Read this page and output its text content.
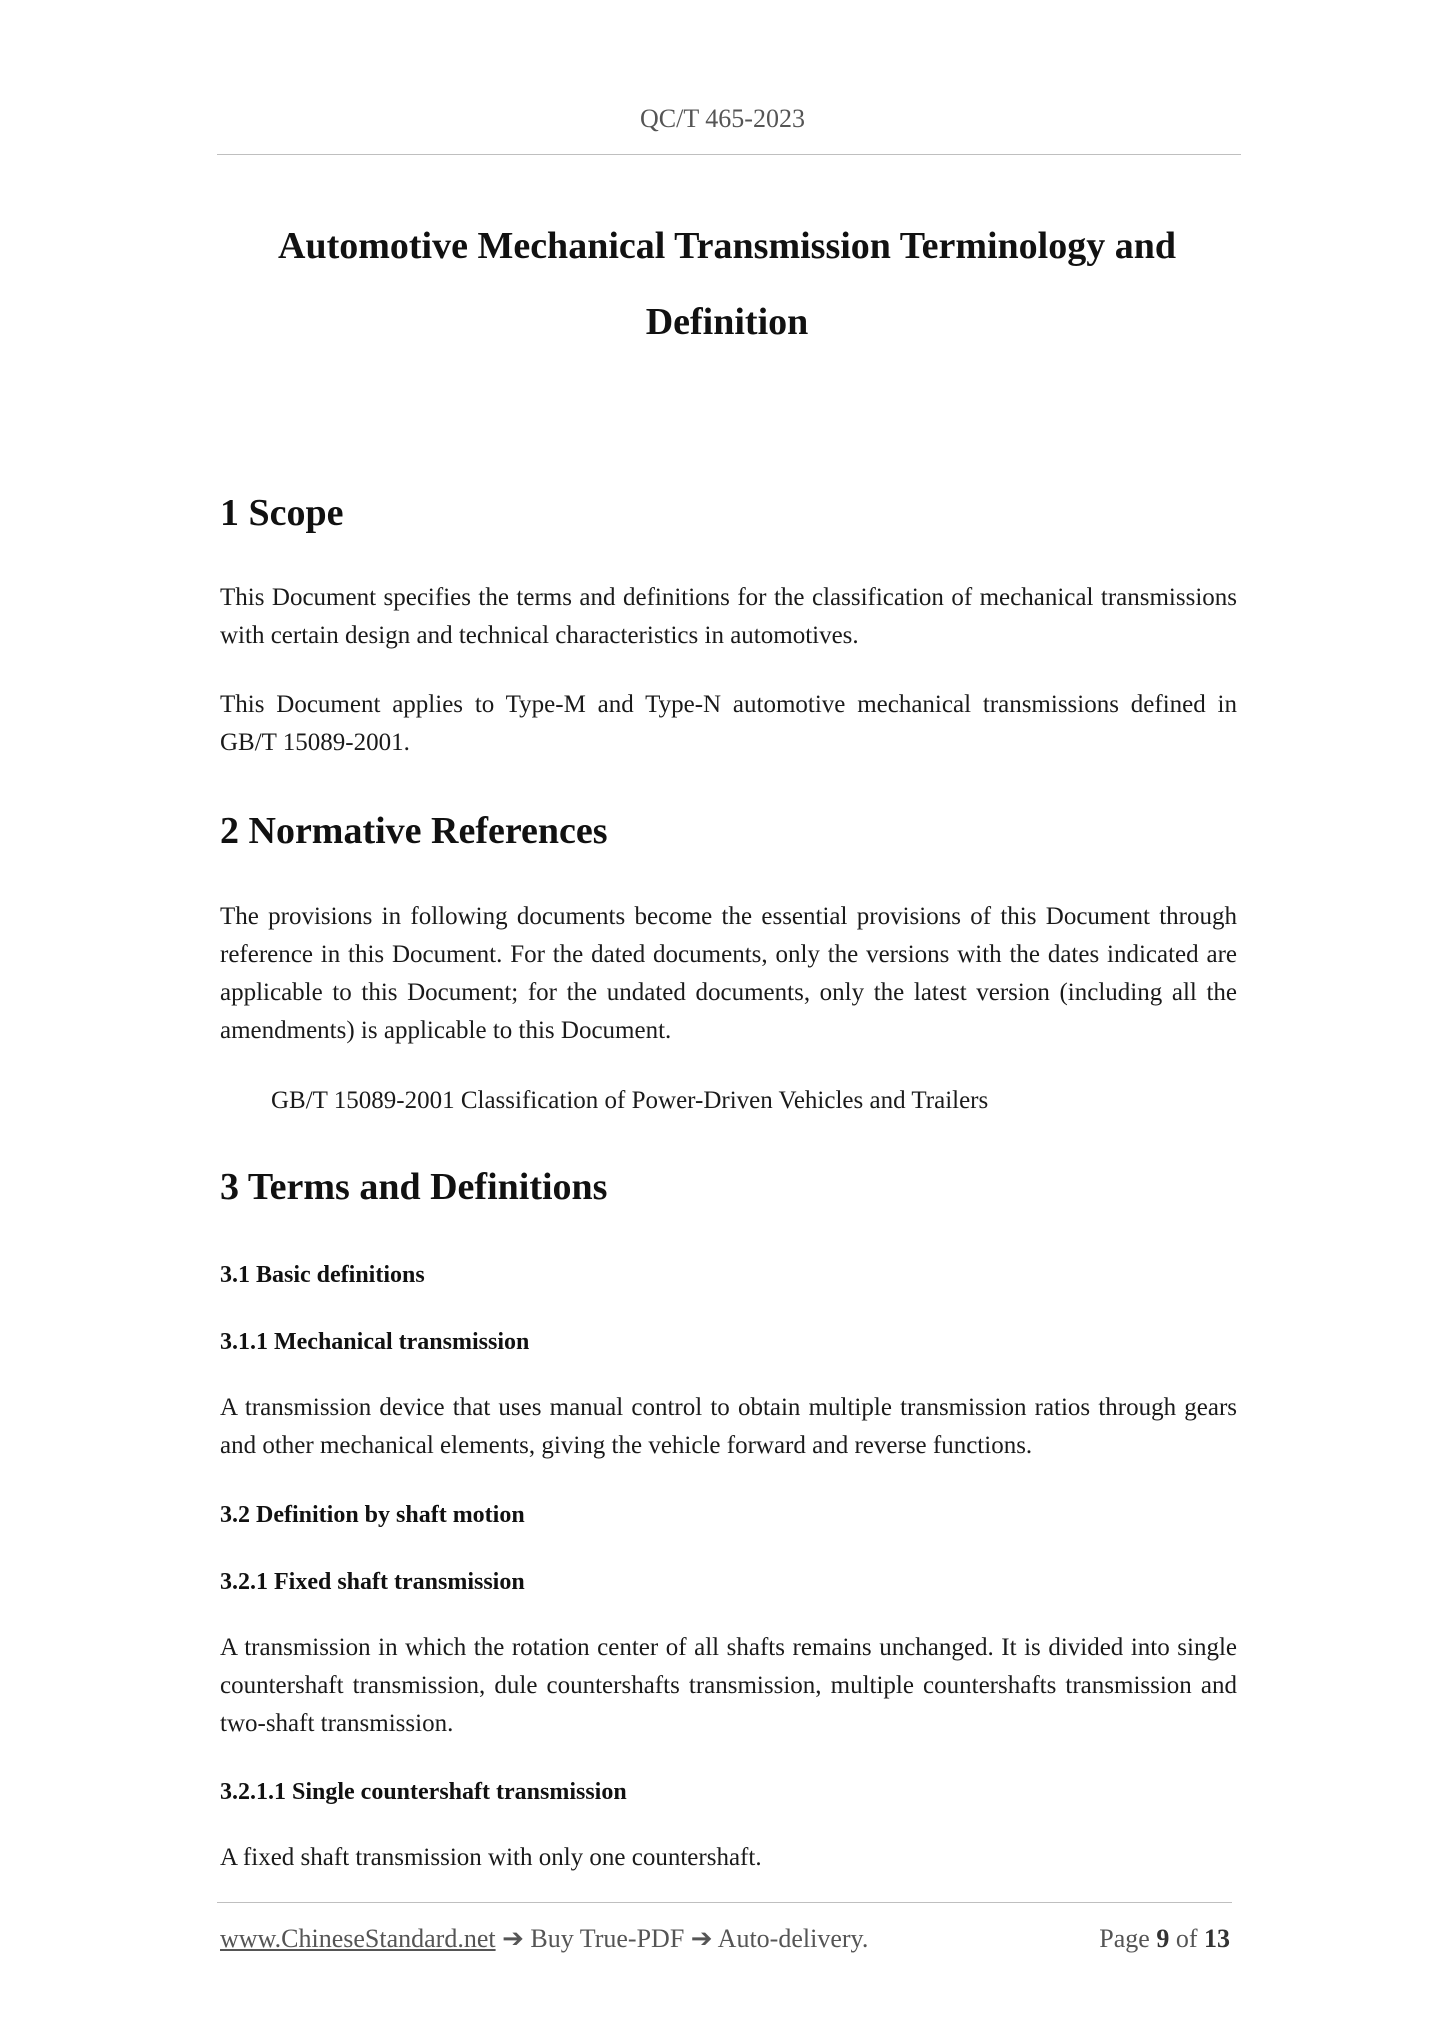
QC/T 465-2023
Automotive Mechanical Transmission Terminology and
Definition
1 Scope

This Document specifies the terms and definitions for the classification of mechanical transmissions with certain design and technical characteristics in automotives.

This Document applies to Type-M and Type-N automotive mechanical transmissions defined in GB/T 15089-2001.

2 Normative References

The provisions in following documents become the essential provisions of this Document through reference in this Document. For the dated documents, only the versions with the dates indicated are applicable to this Document; for the undated documents, only the latest version (including all the amendments) is applicable to this Document.

GB/T 15089-2001 Classification of Power-Driven Vehicles and Trailers

3 Terms and Definitions
3.1 Basic definitions
3.1.1 Mechanical transmission

A transmission device that uses manual control to obtain multiple transmission ratios through gears and other mechanical elements, giving the vehicle forward and reverse functions.

3.2 Definition by shaft motion
3.2.1 Fixed shaft transmission

A transmission in which the rotation center of all shafts remains unchanged. It is divided into single countershaft transmission, dule countershafts transmission, multiple countershafts transmission and two-shaft transmission.

3.2.1.1 Single countershaft transmission

A fixed shaft transmission with only one countershaft.

www.ChineseStandard.net ➔ Buy True-PDF ➔ Auto-delivery.	Page 9 of 13
